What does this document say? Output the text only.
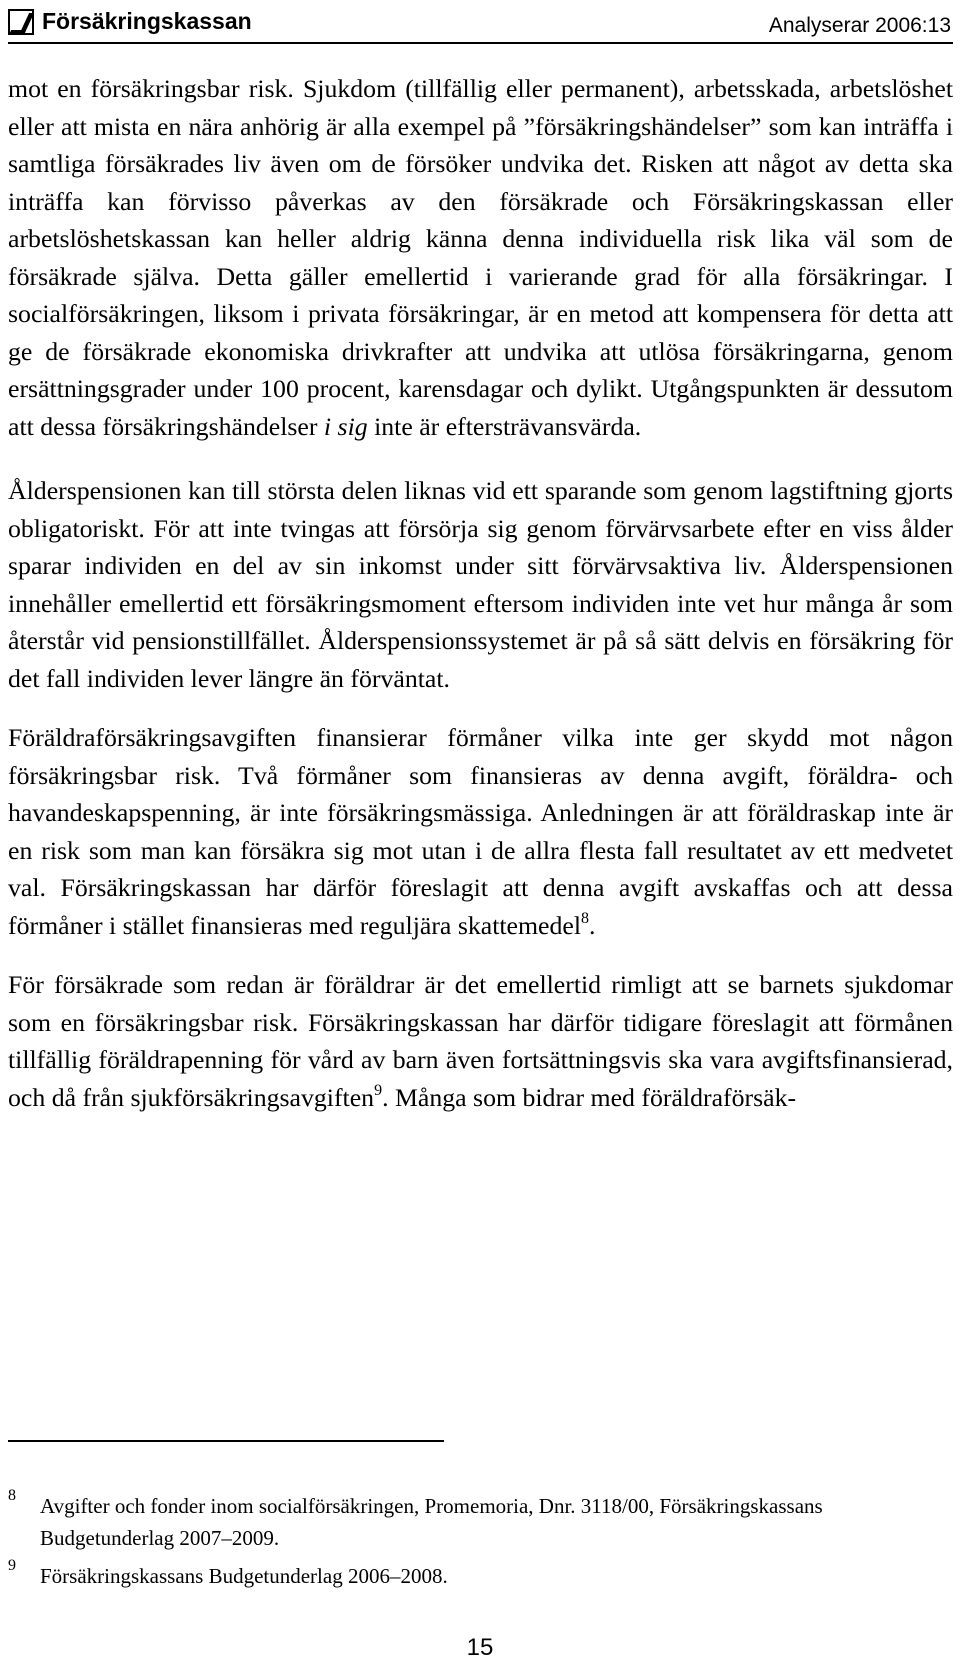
Försäkringskassan	Analyserar 2006:13

mot en försäkringsbar risk. Sjukdom (tillfällig eller permanent), arbetsskada, arbetslöshet eller att mista en nära anhörig är alla exempel på ”försäkringshändelser” som kan inträffa i samtliga försäkrades liv även om de försöker undvika det. Risken att något av detta ska inträffa kan förvisso påverkas av den försäkrade och Försäkringskassan eller arbetslöshetskassan kan heller aldrig känna denna individuella risk lika väl som de försäkrade själva. Detta gäller emellertid i varierande grad för alla försäkringar. I socialförsäkringen, liksom i privata försäkringar, är en metod att kompensera för detta att ge de försäkrade ekonomiska drivkrafter att undvika att utlösa försäkringarna, genom ersättningsgrader under 100 procent, karensdagar och dylikt. Utgångspunkten är dessutom att dessa försäkringshändelser i sig inte är eftersträvansvärda.

Ålderspensionen kan till största delen liknas vid ett sparande som genom lagstiftning gjorts obligatoriskt. För att inte tvingas att försörja sig genom förvärvsarbete efter en viss ålder sparar individen en del av sin inkomst under sitt förvärvsaktiva liv. Ålderspensionen innehåller emellertid ett försäkringsmoment eftersom individen inte vet hur många år som återstår vid pensionstillfället. Ålderspensionssystemet är på så sätt delvis en försäkring för det fall individen lever längre än förväntat.

Föräldraförsäkringsavgiften finansierar förmåner vilka inte ger skydd mot någon försäkringsbar risk. Två förmåner som finansieras av denna avgift, föräldra- och havandeskapspenning, är inte försäkringsmässiga. Anledningen är att föräldraskap inte är en risk som man kan försäkra sig mot utan i de allra flesta fall resultatet av ett medvetet val. Försäkringskassan har därför föreslagit att denna avgift avskaffas och att dessa förmåner i stället finansieras med reguljära skattemedel$^8$.

För försäkrade som redan är föräldrar är det emellertid rimligt att se barnets sjukdomar som en försäkringsbar risk. Försäkringskassan har därför tidigare föreslagit att förmånen tillfällig föräldrapenning för vård av barn även fortsättningsvis ska vara avgiftsfinansierad, och då från sjukförsäkringsavgiften$^9$. Många som bidrar med föräldraförsäk-

8 Avgifter och fonder inom socialförsäkringen, Promemoria, Dnr. 3118/00, Försäkringskassans Budgetunderlag 2007–2009.
9 Försäkringskassans Budgetunderlag 2006–2008.
15
